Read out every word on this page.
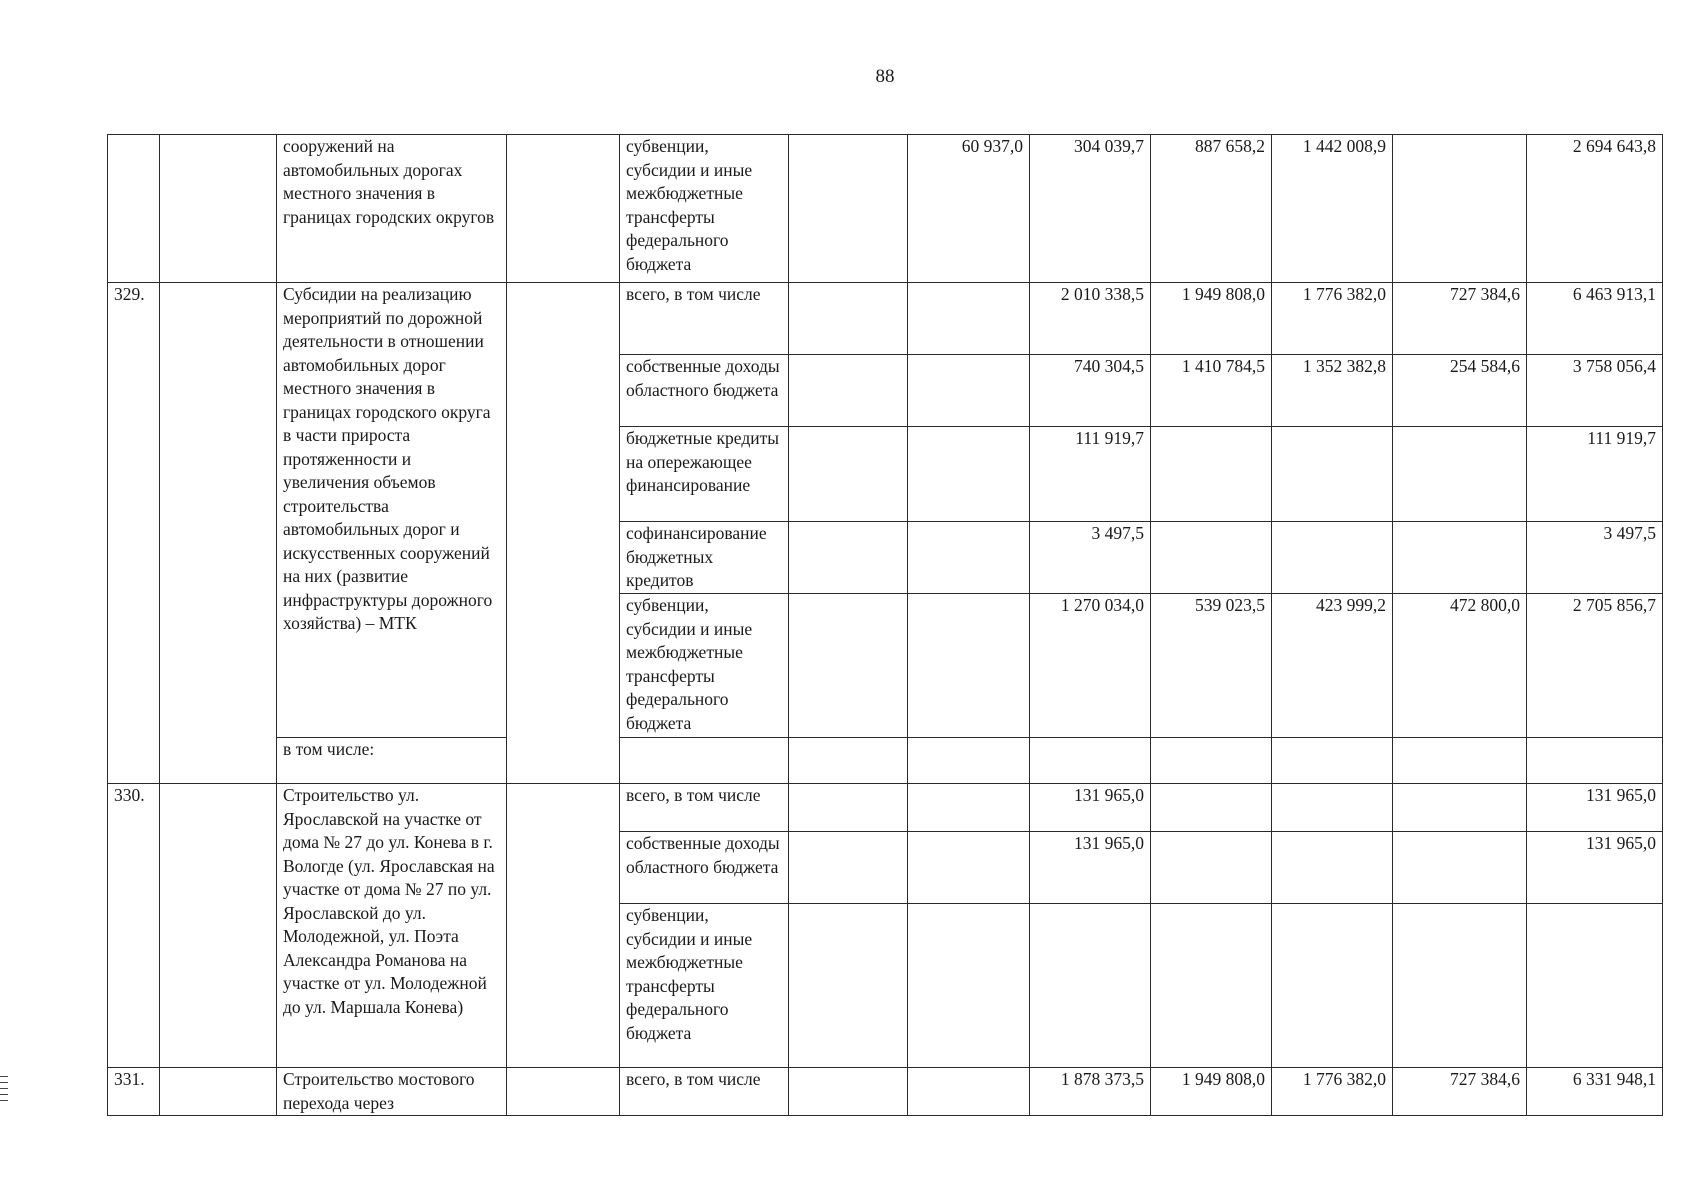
88
		сооружений на автомобильных дорогах местного значения в границах городских округов		субвенции, субсидии и иные межбюджетные трансферты федерального бюджета		60 937,0	304 039,7	887 658,2	1 442 008,9		2 694 643,8
329.		Субсидии на реализацию мероприятий по дорожной деятельности в отношении автомобильных дорог местного значения в границах городского округа в части прироста протяженности и увеличения объемов строительства автомобильных дорог и искусственных сооружений на них (развитие инфраструктуры дорожного хозяйства) – МТК		всего, в том числе			2 010 338,5	1 949 808,0	1 776 382,0	727 384,6	6 463 913,1
				собственные доходы областного бюджета			740 304,5	1 410 784,5	1 352 382,8	254 584,6	3 758 056,4
				бюджетные кредиты на опережающее финансирование			111 919,7				111 919,7
				софинансирование бюджетных кредитов			3 497,5				3 497,5
				субвенции, субсидии и иные межбюджетные трансферты федерального бюджета			1 270 034,0	539 023,5	423 999,2	472 800,0	2 705 856,7
		в том числе:									
330.		Строительство ул. Ярославской на участке от дома № 27 до ул. Конева в г. Вологде (ул. Ярославская на участке от дома № 27 по ул. Ярославской до ул. Молодежной, ул. Поэта Александра Романова на участке от ул. Молодежной до ул. Маршала Конева)		всего, в том числе			131 965,0				131 965,0
				собственные доходы областного бюджета			131 965,0				131 965,0
				субвенции, субсидии и иные межбюджетные трансферты федерального бюджета							
331.		Строительство мостового перехода через		всего, в том числе			1 878 373,5	1 949 808,0	1 776 382,0	727 384,6	6 331 948,1
